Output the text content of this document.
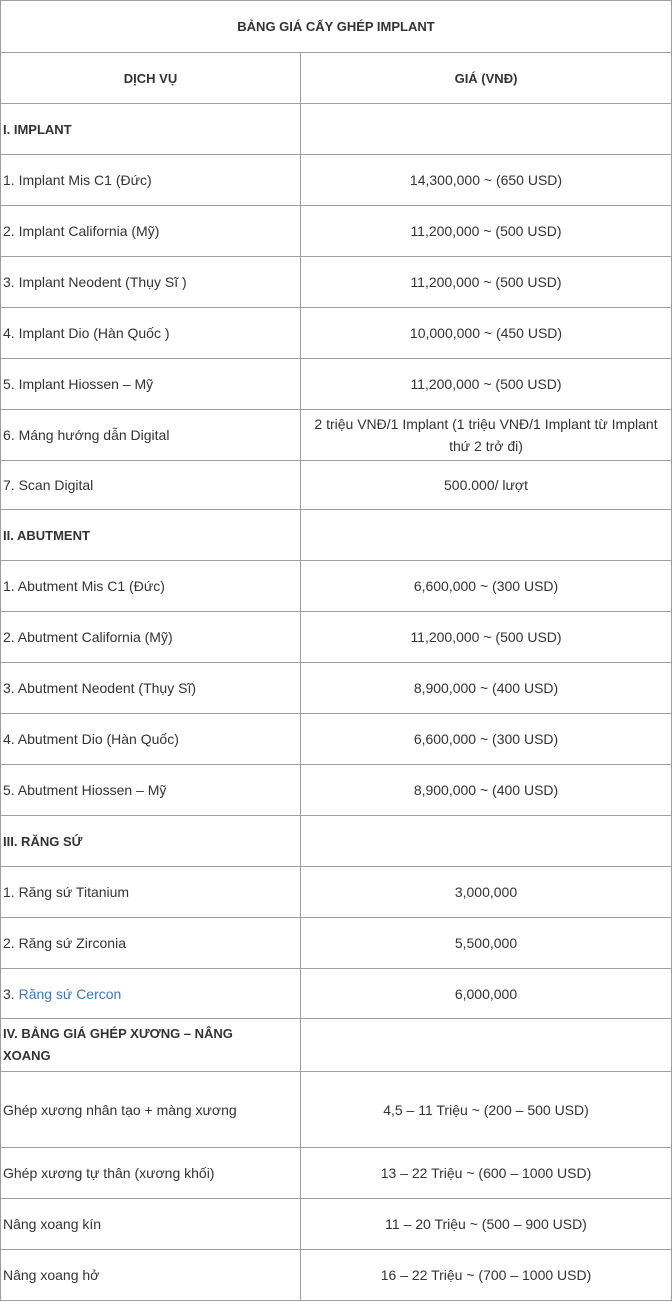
BẢNG GIÁ CẤY GHÉP IMPLANT	
DỊCH VỤ	GIÁ (VNĐ)
I. IMPLANT	
1. Implant Mis C1 (Đức)	14,300,000 ~ (650 USD)
2. Implant California (Mỹ)	11,200,000 ~ (500 USD)
3. Implant Neodent (Thụy Sĩ )	11,200,000 ~ (500 USD)
4. Implant Dio (Hàn Quốc )	10,000,000 ~ (450 USD)
5. Implant Hiossen – Mỹ	11,200,000 ~ (500 USD)
6. Máng hướng dẫn Digital	2 triệu VNĐ/1 Implant (1 triệu VNĐ/1 Implant từ Implant thứ 2 trở đi)
7. Scan Digital	500.000/ lượt
II. ABUTMENT	
1. Abutment Mis C1 (Đức)	6,600,000 ~ (300 USD)
2. Abutment California (Mỹ)	11,200,000 ~ (500 USD)
3. Abutment Neodent (Thụy Sĩ)	8,900,000 ~ (400 USD)
4. Abutment Dio (Hàn Quốc)	6,600,000 ~ (300 USD)
5. Abutment Hiossen – Mỹ	8,900,000 ~ (400 USD)
III. RĂNG SỨ	
1. Răng sứ Titanium	3,000,000
2. Răng sứ Zirconia	5,500,000
3. Răng sứ Cercon	6,000,000

IV. BẢNG GIÁ GHÉP XƯƠNG – NÂNG
XOANG	

Ghép xương nhân tạo + màng xương	4,5 – 11 Triệu ~ (200 – 500 USD)
Ghép xương tự thân (xương khối)	13 – 22 Triệu ~ (600 – 1000 USD)
Nâng xoang kín	11 – 20 Triệu ~ (500 – 900 USD)
Nâng xoang hở	16 – 22 Triệu ~ (700 – 1000 USD)
